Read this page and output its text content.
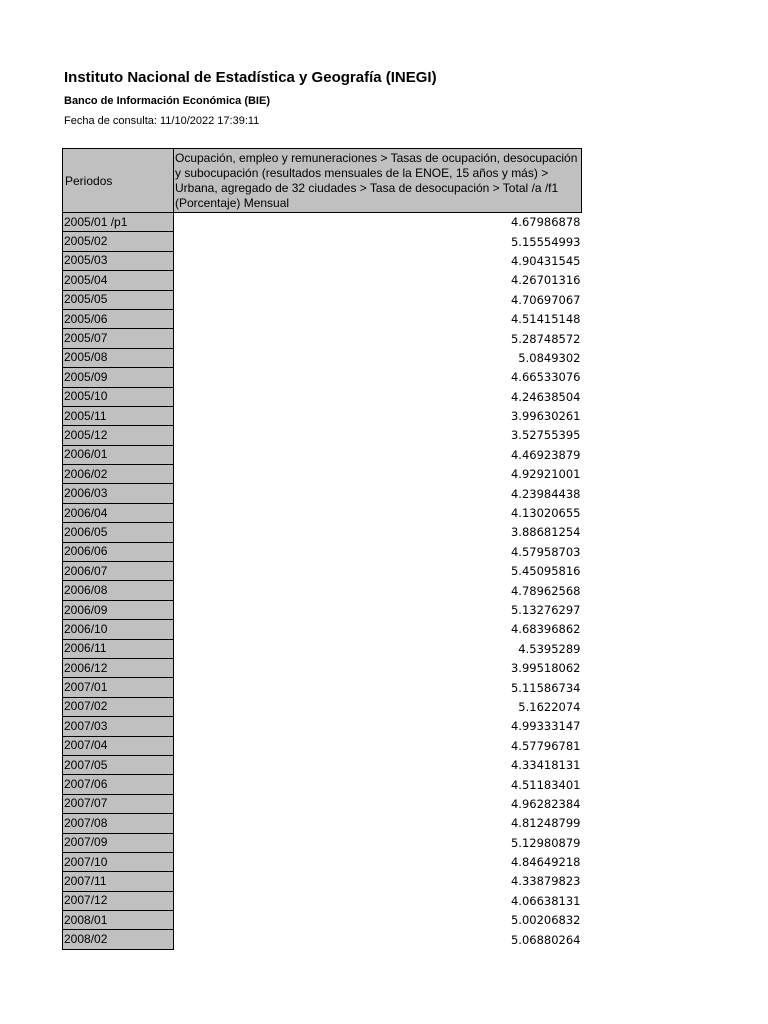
Instituto Nacional de Estadística y Geografía (INEGI)
Banco de Información Económica (BIE)
Fecha de consulta: 11/10/2022 17:39:11
Periodos	Ocupación, empleo y remuneraciones > Tasas de ocupación, desocupación y subocupación (resultados mensuales de la ENOE, 15 años y más) > Urbana, agregado de 32 ciudades > Tasa de desocupación > Total /a /f1 (Porcentaje) Mensual
2005/01 /p1	4.67986878
2005/02	5.15554993
2005/03	4.90431545
2005/04	4.26701316
2005/05	4.70697067
2005/06	4.51415148
2005/07	5.28748572
2005/08	5.0849302
2005/09	4.66533076
2005/10	4.24638504
2005/11	3.99630261
2005/12	3.52755395
2006/01	4.46923879
2006/02	4.92921001
2006/03	4.23984438
2006/04	4.13020655
2006/05	3.88681254
2006/06	4.57958703
2006/07	5.45095816
2006/08	4.78962568
2006/09	5.13276297
2006/10	4.68396862
2006/11	4.5395289
2006/12	3.99518062
2007/01	5.11586734
2007/02	5.1622074
2007/03	4.99333147
2007/04	4.57796781
2007/05	4.33418131
2007/06	4.51183401
2007/07	4.96282384
2007/08	4.81248799
2007/09	5.12980879
2007/10	4.84649218
2007/11	4.33879823
2007/12	4.06638131
2008/01	5.00206832
2008/02	5.06880264
